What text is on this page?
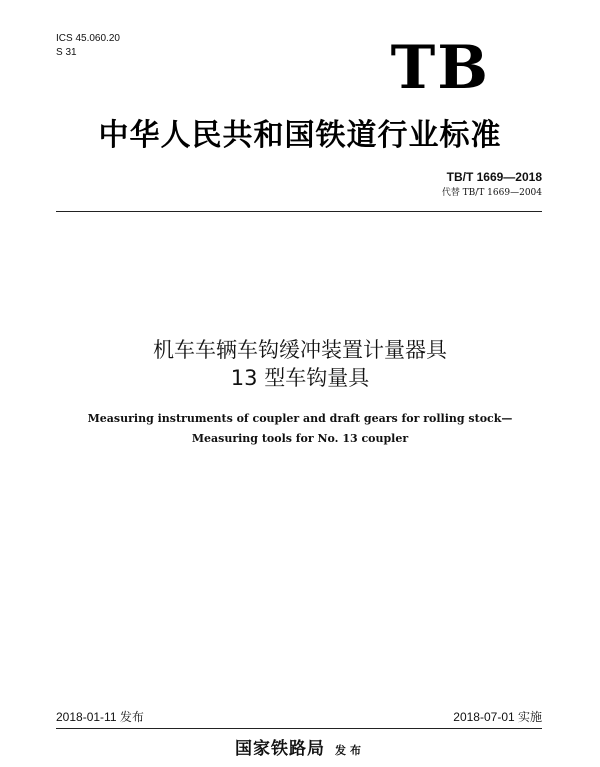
ICS 45.060.20
S 31	TB
中华人民共和国铁道行业标准
TB/T 1669—2018
代替 TB/T 1669—2004
机车车辆车钩缓冲装置计量器具
13 型车钩量具
Measuring instruments of coupler and draft gears for rolling stock—
Measuring tools for No. 13 coupler
2018-01-11 发布	2018-07-01 实施
国家铁路局 发布
